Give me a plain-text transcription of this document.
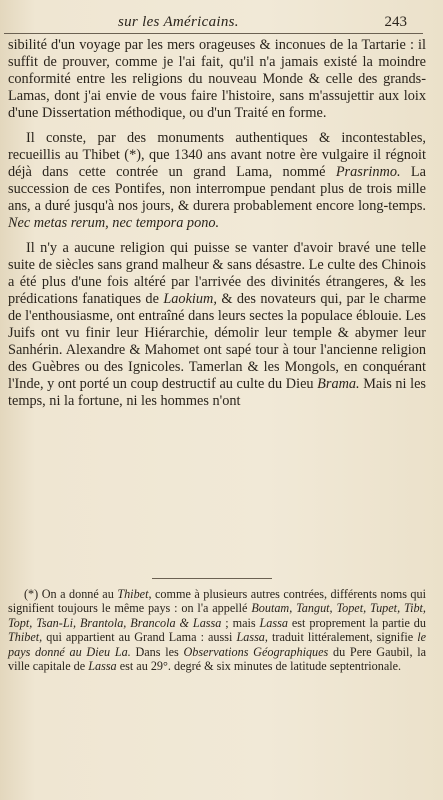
sur les Américains.	243

sibilité d'un voyage par les mers orageuses & inconues de la Tartarie : il suffit de prouver, comme je l'ai fait, qu'il n'a jamais existé la moindre conformité entre les religions du nouveau Monde & celle des grands-Lamas, dont j'ai envie de vous faire l'histoire, sans m'assujettir aux loix d'une Dissertation méthodique, ou d'un Traité en forme.

Il conste, par des monuments authentiques & incontestables, recueillis au Thibet (*), que 1340 ans avant notre ère vulgaire il régnoit déjà dans cette contrée un grand Lama, nommé Prasrinmo. La succession de ces Pontifes, non interrompue pendant plus de trois mille ans, a duré jusqu'à nos jours, & durera probablement encore long-temps. Nec metas rerum, nec tempora pono.

Il n'y a aucune religion qui puisse se vanter d'avoir bravé une telle suite de siècles sans grand malheur & sans désastre. Le culte des Chinois a été plus d'une fois altéré par l'arrivée des divinités étrangeres, & les prédications fanatiques de Laokium, & des novateurs qui, par le charme de l'enthousiasme, ont entraîné dans leurs sectes la populace éblouie. Les Juifs ont vu finir leur Hiérarchie, démolir leur temple & abymer leur Sanhérin. Alexandre & Mahomet ont sapé tour à tour l'ancienne religion des Guèbres ou des Ignicoles. Tamerlan & les Mongols, en conquérant l'Inde, y ont porté un coup destructif au culte du Dieu Brama. Mais ni les temps, ni la fortune, ni les hommes n'ont

(*) On a donné au Thibet, comme à plusieurs autres contrées, différents noms qui signifient toujours le même pays : on l'a appellé Boutam, Tangut, Topet, Tupet, Tibt, Topt, Tsan-Li, Brantola, Brancola & Lassa ; mais Lassa est proprement la partie du Thibet, qui appartient au Grand Lama : aussi Lassa, traduit littéralement, signifie le pays donné au Dieu La. Dans les Observations Géographiques du Pere Gaubil, la ville capitale de Lassa est au 29°. degré & six minutes de latitude septentrionale.
